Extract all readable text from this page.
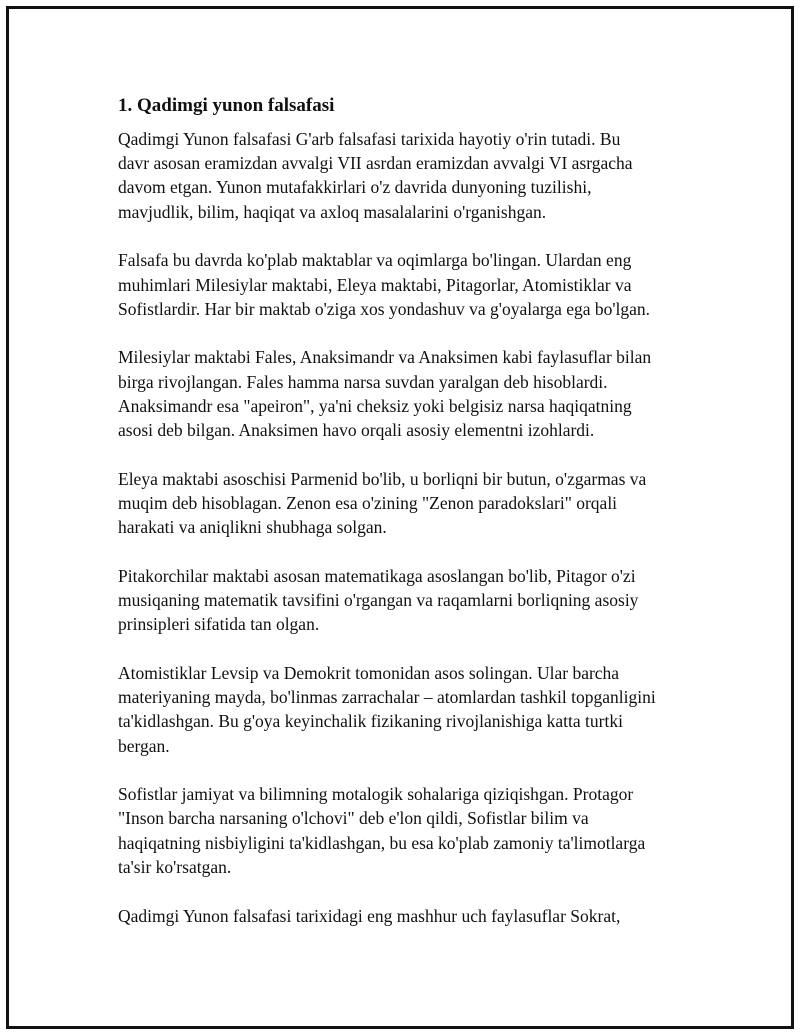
1. Qadimgi yunon falsafasi
Qadimgi Yunon falsafasi G'arb falsafasi tarixida hayotiy o'rin tutadi. Bu
davr asosan eramizdan avvalgi VII asrdan eramizdan avvalgi VI asrgacha
davom etgan. Yunon mutafakkirlari o'z davrida dunyoning tuzilishi,
mavjudlik, bilim, haqiqat va axloq masalalarini o'rganishgan.
Falsafa bu davrda ko'plab maktablar va oqimlarga bo'lingan. Ulardan eng
muhimlari Milesiylar maktabi, Eleya maktabi, Pitagorlar, Atomistiklar va
Sofistlardir. Har bir maktab o'ziga xos yondashuv va g'oyalarga ega bo'lgan.
Milesiylar maktabi Fales, Anaksimandr va Anaksimen kabi faylasuflar bilan
birga rivojlangan. Fales hamma narsa suvdan yaralgan deb hisoblardi.
Anaksimandr esa "apeiron", ya'ni cheksiz yoki belgisiz narsa haqiqatning
asosi deb bilgan. Anaksimen havo orqali asosiy elementni izohlardi.
Eleya maktabi asoschisi Parmenid bo'lib, u borliqni bir butun, o'zgarmas va
muqim deb hisoblagan. Zenon esa o'zining "Zenon paradokslari" orqali
harakati va aniqlikni shubhaga solgan.
Pitakorchilar maktabi asosan matematikaga asoslangan bo'lib, Pitagor o'zi
musiqaning matematik tavsifini o'rgangan va raqamlarni borliqning asosiy
prinsipleri sifatida tan olgan.
Atomistiklar Levsip va Demokrit tomonidan asos solingan. Ular barcha
materiyaning mayda, bo'linmas zarrachalar – atomlardan tashkil topganligini
ta'kidlashgan. Bu g'oya keyinchalik fizikaning rivojlanishiga katta turtki
bergan.
Sofistlar jamiyat va bilimning motalogik sohalariga qiziqishgan. Protagor
"Inson barcha narsaning o'lchovi" deb e'lon qildi, Sofistlar bilim va
haqiqatning nisbiyligini ta'kidlashgan, bu esa ko'plab zamoniy ta'limotlarga
ta'sir ko'rsatgan.
Qadimgi Yunon falsafasi tarixidagi eng mashhur uch faylasuflar Sokrat,
